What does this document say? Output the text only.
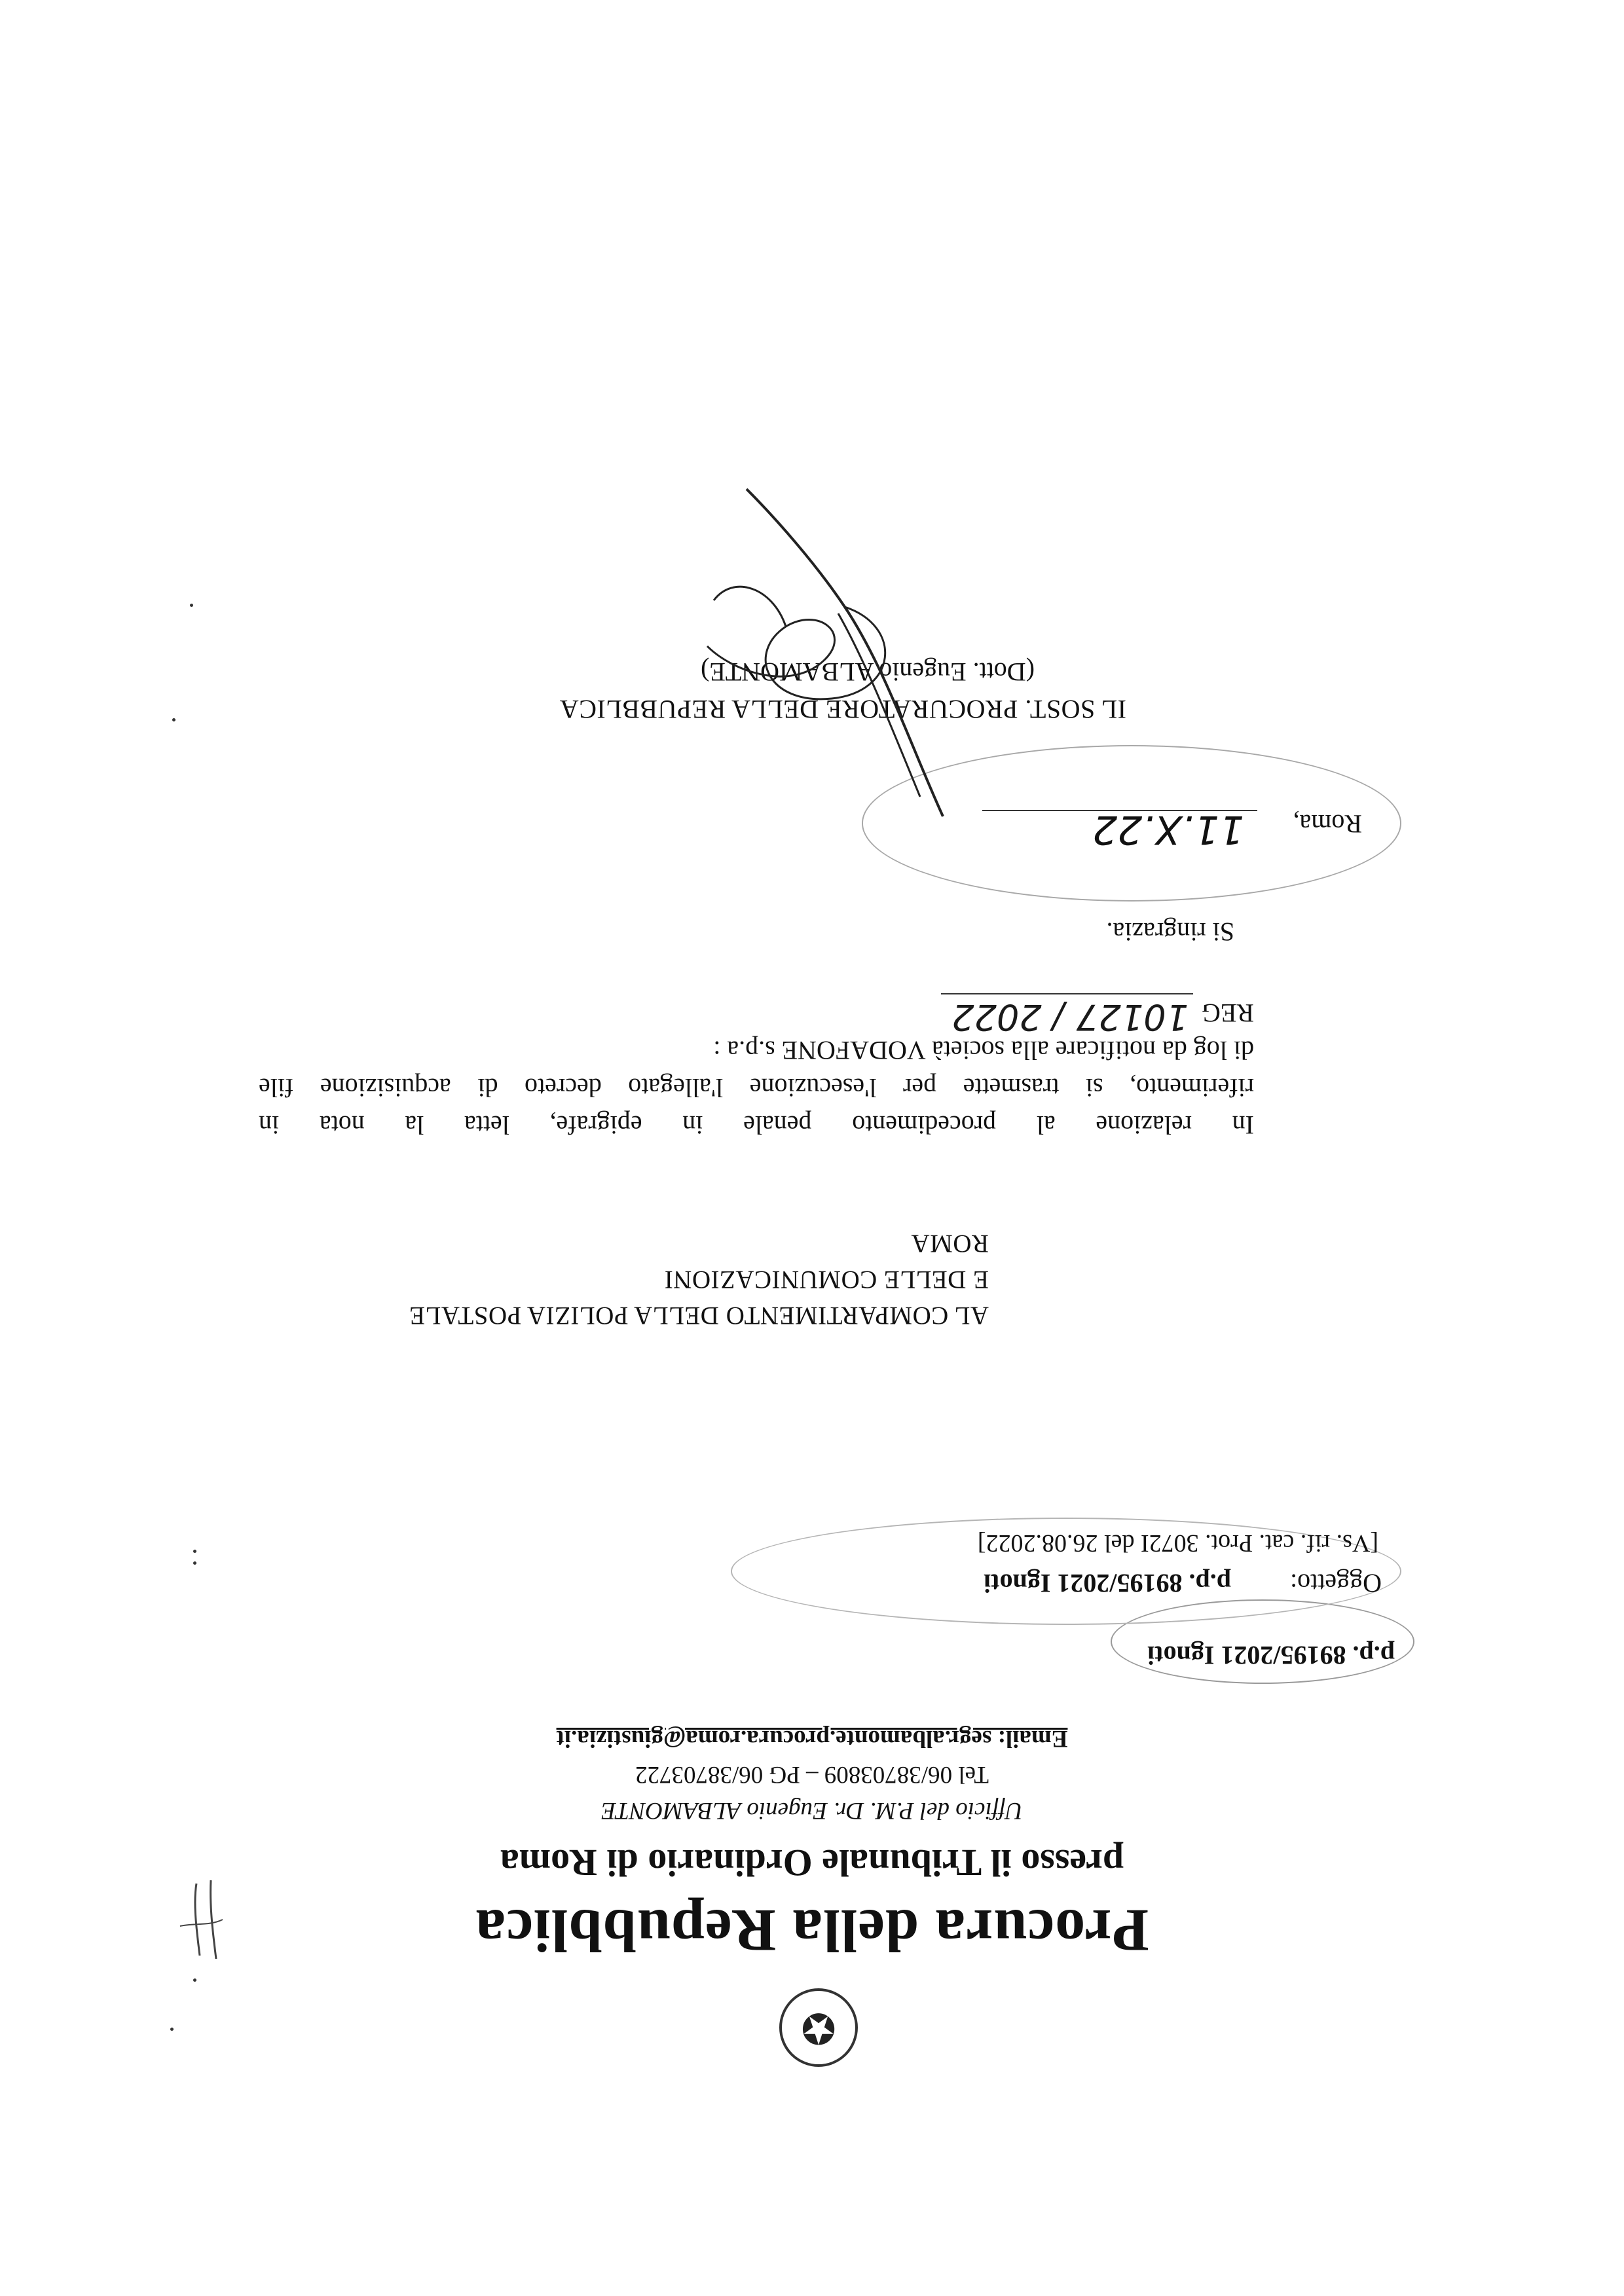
✪
Procura della Repubblica
presso il Tribunale Ordinario di Roma
Ufficio del P.M. Dr. Eugenio ALBAMONTE
Tel 06/38703809 – PG 06/38703722
Email: segr.albamonte.procura.roma@giustizia.it
p.p. 89195/2021 Ignoti
Oggetto:
p.p. 89195/2021 Ignoti
[Vs. rif. cat. Prot. 3072I del 26.08.2022]
AL COMPARTIMENTO DELLA POLIZIA POSTALE
E DELLE COMUNICAZIONI
ROMA
In relazione al procedimento penale in epigrafe, letta la nota in
riferimento, si trasmette per l'esecuzione l'allegato decreto di acquisizione file
di log da notificare alla società VODAFONE s.p.a :
REG
10127 / 2022
Si ringrazia.
Roma,
11.X.22
IL SOST. PROCURATORE DELLA REPUBBLICA
(Dott. Eugenio ALBAMONTE)
